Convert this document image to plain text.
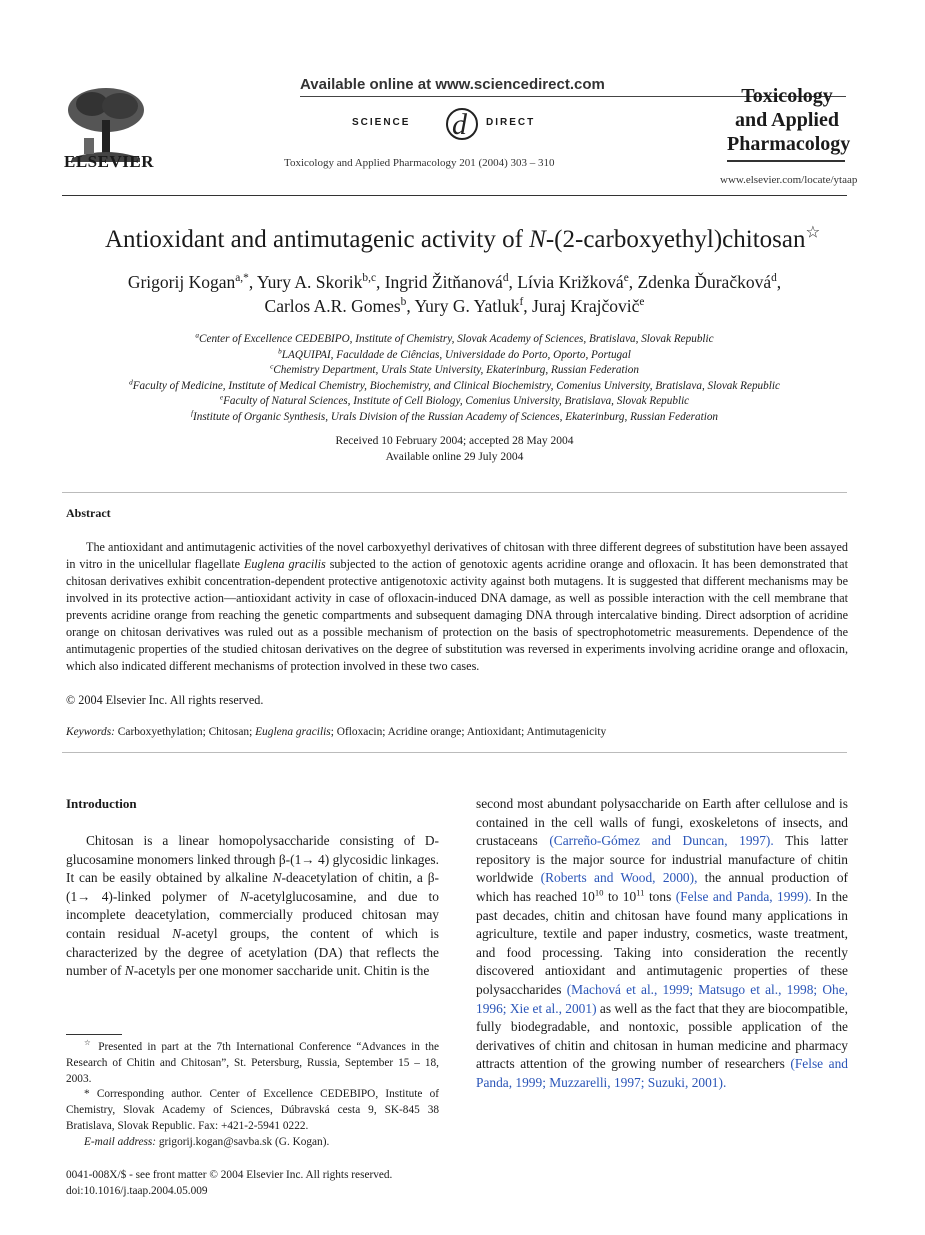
ELSEVIER
Available online at www.sciencedirect.com
SCIENCE d DIRECT
Toxicology and Applied Pharmacology 201 (2004) 303 – 310
Toxicology and Applied Pharmacology
www.elsevier.com/locate/ytaap
Antioxidant and antimutagenic activity of N-(2-carboxyethyl)chitosan☆
Grigorij Kogan$^{a,*}$, Yury A. Skorik$^{b,c}$, Ingrid Žitňanová$^d$, Lívia Križková$^e$, Zdenka Ďuračková$^d$,
Carlos A.R. Gomes$^b$, Yury G. Yatluk$^f$, Juraj Krajčovič$^e$
$^a$Center of Excellence CEDEBIPO, Institute of Chemistry, Slovak Academy of Sciences, Bratislava, Slovak Republic
$^b$LAQUIPAI, Faculdade de Ciências, Universidade do Porto, Oporto, Portugal
$^c$Chemistry Department, Urals State University, Ekaterinburg, Russian Federation
$^d$Faculty of Medicine, Institute of Medical Chemistry, Biochemistry, and Clinical Biochemistry, Comenius University, Bratislava, Slovak Republic
$^e$Faculty of Natural Sciences, Institute of Cell Biology, Comenius University, Bratislava, Slovak Republic
$^f$Institute of Organic Synthesis, Urals Division of the Russian Academy of Sciences, Ekaterinburg, Russian Federation
Received 10 February 2004; accepted 28 May 2004
Available online 29 July 2004
Abstract
The antioxidant and antimutagenic activities of the novel carboxyethyl derivatives of chitosan with three different degrees of substitution have been assayed in vitro in the unicellular flagellate Euglena gracilis subjected to the action of genotoxic agents acridine orange and ofloxacin. It has been demonstrated that chitosan derivatives exhibit concentration-dependent protective antigenotoxic activity against both mutagens. It is suggested that different mechanisms may be involved in its protective action—antioxidant activity in case of ofloxacin-induced DNA damage, as well as possible interaction with the cell membrane that prevents acridine orange from reaching the genetic compartments and subsequent damaging DNA through intercalative binding. Direct adsorption of acridine orange on chitosan derivatives was ruled out as a possible mechanism of protection on the basis of spectrophotometric measurements. Dependence of the antimutagenic properties of the studied chitosan derivatives on the degree of substitution was reversed in experiments involving acridine orange and ofloxacin, which also indicated different mechanisms of protection involved in these two cases.
© 2004 Elsevier Inc. All rights reserved.
Keywords: Carboxyethylation; Chitosan; Euglena gracilis; Ofloxacin; Acridine orange; Antioxidant; Antimutagenicity
Introduction
Chitosan is a linear homopolysaccharide consisting of D-glucosamine monomers linked through β-(1→ 4) glycosidic linkages. It can be easily obtained by alkaline N-deacetylation of chitin, a β-(1→ 4)-linked polymer of N-acetylglucosamine, and due to incomplete deacetylation, commercially produced chitosan may contain residual N-acetyl groups, the content of which is characterized by the degree of acetylation (DA) that reflects the number of N-acetyls per one monomer saccharide unit. Chitin is the
second most abundant polysaccharide on Earth after cellulose and is contained in the cell walls of fungi, exoskeletons of insects, and crustaceans (Carreño-Gómez and Duncan, 1997). This latter repository is the major source for industrial manufacture of chitin worldwide (Roberts and Wood, 2000), the annual production of which has reached $10^{10}$ to $10^{11}$ tons (Felse and Panda, 1999). In the past decades, chitin and chitosan have found many applications in agriculture, textile and paper industry, cosmetics, waste treatment, and food processing. Taking into consideration the recently discovered antioxidant and antimutagenic properties of these polysaccharides (Machová et al., 1999; Matsugo et al., 1998; Ohe, 1996; Xie et al., 2001) as well as the fact that they are biocompatible, fully biodegradable, and nontoxic, possible application of the derivatives of chitin and chitosan in human medicine and pharmacy attracts attention of the growing number of researchers (Felse and Panda, 1999; Muzzarelli, 1997; Suzuki, 2001).

☆ Presented in part at the 7th International Conference “Advances in the Research of Chitin and Chitosan”, St. Petersburg, Russia, September 15 – 18, 2003.

* Corresponding author. Center of Excellence CEDEBIPO, Institute of Chemistry, Slovak Academy of Sciences, Dúbravská cesta 9, SK-845 38 Bratislava, Slovak Republic. Fax: +421-2-5941 0222.

E-mail address: grigorij.kogan@savba.sk (G. Kogan).

0041-008X/$ - see front matter © 2004 Elsevier Inc. All rights reserved.
doi:10.1016/j.taap.2004.05.009
